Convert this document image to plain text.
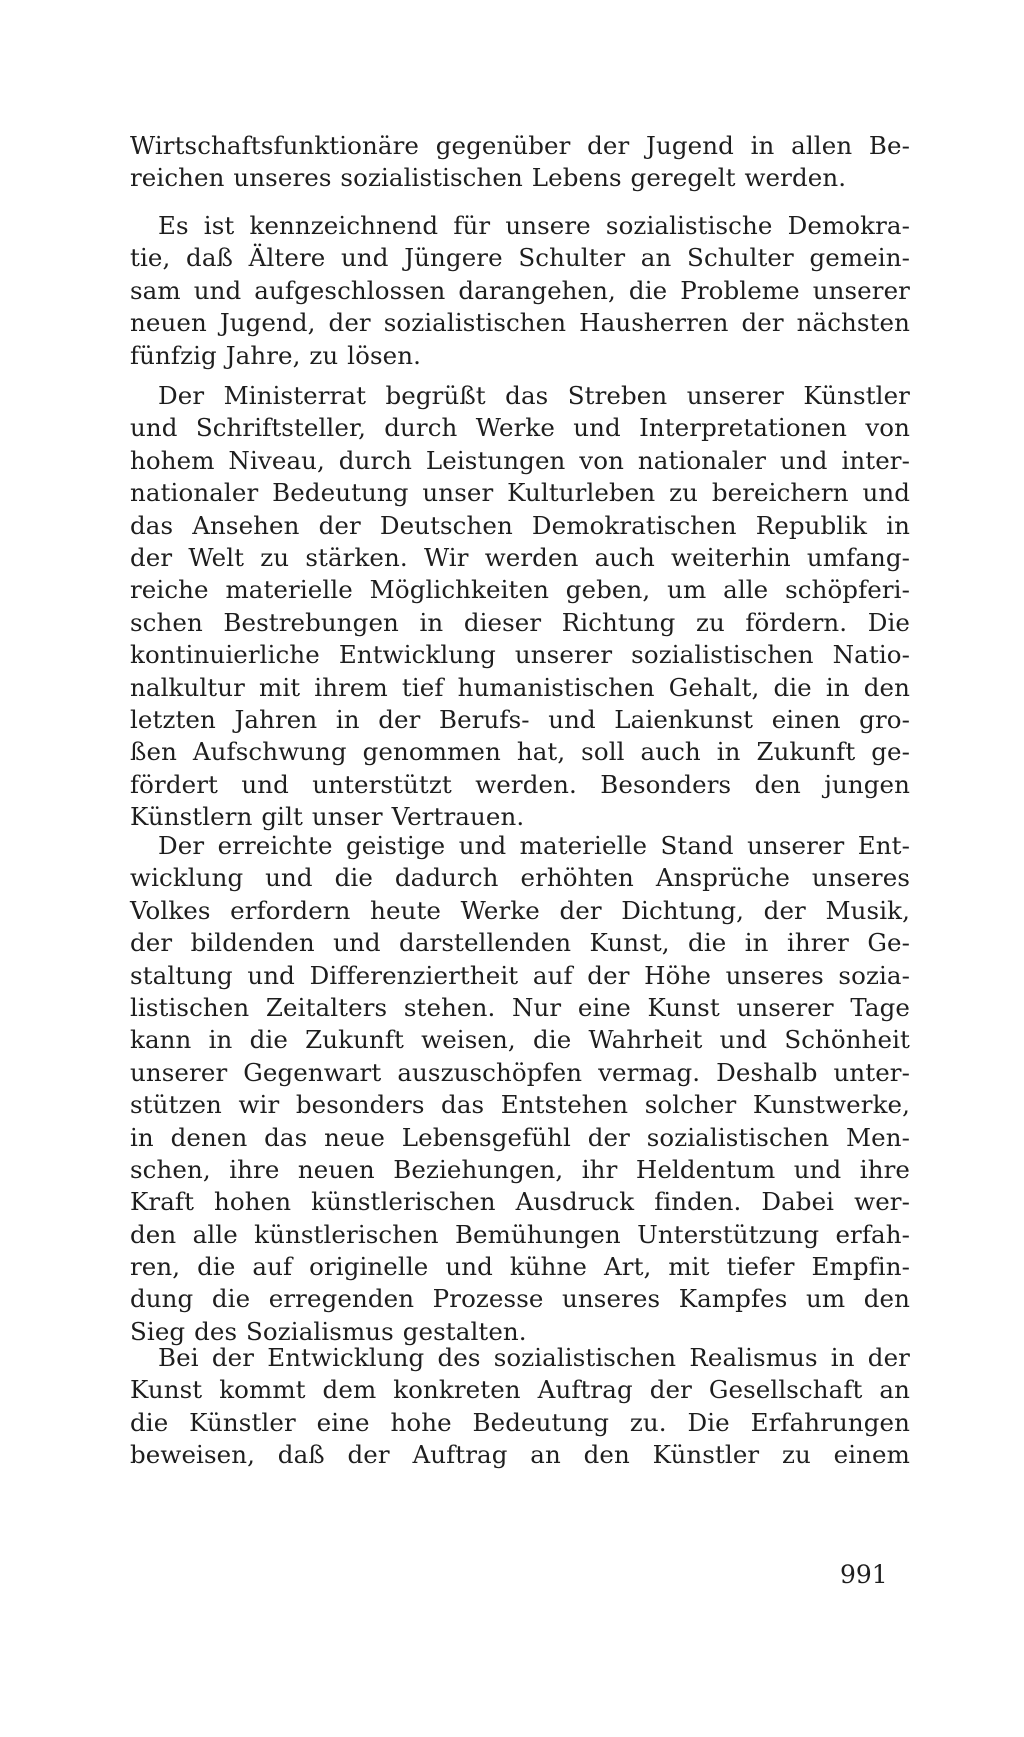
Wirtschaftsfunktionäre gegenüber der Jugend in allen Be-
reichen unseres sozialistischen Lebens geregelt werden.
Es ist kennzeichnend für unsere sozialistische Demokra-
tie, daß Ältere und Jüngere Schulter an Schulter gemein-
sam und aufgeschlossen darangehen, die Probleme unserer
neuen Jugend, der sozialistischen Hausherren der nächsten
fünfzig Jahre, zu lösen.
Der Ministerrat begrüßt das Streben unserer Künstler
und Schriftsteller, durch Werke und Interpretationen von
hohem Niveau, durch Leistungen von nationaler und inter-
nationaler Bedeutung unser Kulturleben zu bereichern und
das Ansehen der Deutschen Demokratischen Republik in
der Welt zu stärken. Wir werden auch weiterhin umfang-
reiche materielle Möglichkeiten geben, um alle schöpferi-
schen Bestrebungen in dieser Richtung zu fördern. Die
kontinuierliche Entwicklung unserer sozialistischen Natio-
nalkultur mit ihrem tief humanistischen Gehalt, die in den
letzten Jahren in der Berufs- und Laienkunst einen gro-
ßen Aufschwung genommen hat, soll auch in Zukunft ge-
fördert und unterstützt werden. Besonders den jungen
Künstlern gilt unser Vertrauen.
Der erreichte geistige und materielle Stand unserer Ent-
wicklung und die dadurch erhöhten Ansprüche unseres
Volkes erfordern heute Werke der Dichtung, der Musik,
der bildenden und darstellenden Kunst, die in ihrer Ge-
staltung und Differenziertheit auf der Höhe unseres sozia-
listischen Zeitalters stehen. Nur eine Kunst unserer Tage
kann in die Zukunft weisen, die Wahrheit und Schönheit
unserer Gegenwart auszuschöpfen vermag. Deshalb unter-
stützen wir besonders das Entstehen solcher Kunstwerke,
in denen das neue Lebensgefühl der sozialistischen Men-
schen, ihre neuen Beziehungen, ihr Heldentum und ihre
Kraft hohen künstlerischen Ausdruck finden. Dabei wer-
den alle künstlerischen Bemühungen Unterstützung erfah-
ren, die auf originelle und kühne Art, mit tiefer Empfin-
dung die erregenden Prozesse unseres Kampfes um den
Sieg des Sozialismus gestalten.
Bei der Entwicklung des sozialistischen Realismus in der
Kunst kommt dem konkreten Auftrag der Gesellschaft an
die Künstler eine hohe Bedeutung zu. Die Erfahrungen
beweisen, daß der Auftrag an den Künstler zu einem
991
